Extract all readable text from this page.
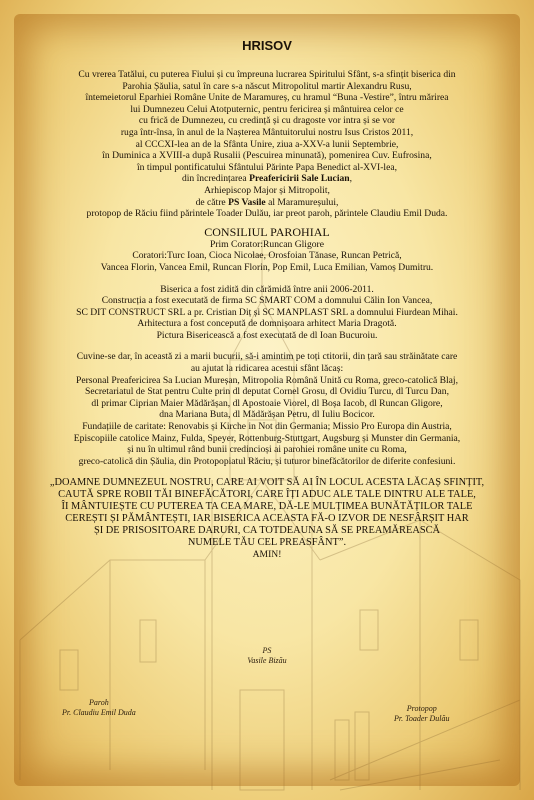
HRISOV
Cu vrerea Tatălui, cu puterea Fiului și cu împreuna lucrarea Spiritului Sfânt, s-a sfințit biserica din
Parohia Șăulia, satul în care s-a născut Mitropolitul martir Alexandru Rusu,
întemeietorul Eparhiei Române Unite de Maramureș, cu hramul “Buna -Vestire”, întru mărirea
lui Dumnezeu Celui Atotputernic, pentru fericirea și mântuirea celor ce
cu frică de Dumnezeu, cu credință și cu dragoste vor intra și se vor
ruga într-însa, în anul de la Nașterea Mântuitorului nostru Isus Cristos 2011,
al CCCXI-lea an de la Sfânta Unire, ziua a-XXV-a lunii Septembrie,
în Duminica a XVIII-a după Rusalii (Pescuirea minunată), pomenirea Cuv. Eufrosina,
în timpul pontificatului Sfântului Părinte Papa Benedict al-XVI-lea,
din încredințarea Preafericirii Sale Lucian,
Arhiepiscop Major și Mitropolit,
de către PS Vasile al Maramureșului,
protopop de Răciu fiind părintele Toader Dulău, iar preot paroh, părintele Claudiu Emil Duda.
CONSILIUL PAROHIAL
Prim Corator:Runcan Gligore
Coratori:Turc Ioan, Cioca Nicolae, Orosfoian Tănase, Runcan Petrică,
Vancea Florin, Vancea Emil, Runcan Florin, Pop Emil, Luca Emilian, Vamoș Dumitru.
Biserica a fost zidită din cărămidă între anii 2006-2011.
Construcția a fost executată de firma SC SMART COM a domnului Călin Ion Vancea,
SC DIT CONSTRUCT SRL a pr. Cristian Diț și SC MANPLAST SRL a domnului Fiurdean Mihai.
Arhitectura a fost concepută de domnișoara arhitect Maria Dragotă.
Pictura Bisericească a fost executată de dl Ioan Bucuroiu.
Cuvine-se dar, în această zi a marii bucurii, să-i amintim pe toți ctitorii, din țară sau străinătate care
au ajutat la ridicarea acestui sfânt lăcaș:
Personal Preafericirea Sa Lucian Mureșan, Mitropolia Română Unită cu Roma, greco-catolică Blaj,
Secretariatul de Stat pentru Culte prin dl deputat Cornel Grosu, dl Ovidiu Turcu, dl Turcu Dan,
dl primar Ciprian Maier Mădărășan, dl Apostoaie Viorel, dl Boșa Iacob, dl Runcan Gligore,
dna Mariana Buta, dl Mădărășan Petru, dl Iuliu Bocicor.
Fundațiile de caritate: Renovabis și Kirche in Not din Germania; Missio Pro Europa din Austria,
Episcopiile catolice Mainz, Fulda, Speyer, Rottenburg-Stuttgart, Augsburg și Munster din Germania,
și nu în ultimul rând bunii credincioși ai parohiei române unite cu Roma,
greco-catolică din Șăulia, din Protopopiatul Răciu, și tuturor binefăcătorilor de diferite confesiuni.
„DOAMNE DUMNEZEUL NOSTRU, CARE AI VOIT SĂ AI ÎN LOCUL ACESTA LĂCAȘ SFINȚIT,
CAUTĂ SPRE ROBII TĂI BINEFĂCĂTORI, CARE ÎȚI ADUC ALE TALE DINTRU ALE TALE,
ÎI MÂNTUIEȘTE CU PUTEREA TA CEA MARE, DĂ-LE MULȚIMEA BUNĂTĂȚILOR TALE
CEREȘTI ȘI PĂMÂNTEȘTI, IAR BISERICA ACEASTA FĂ-O IZVOR DE NESFÂRȘIT HAR
ȘI DE PRISOSITOARE DARURI, CA TOTDEAUNA SĂ SE PREAMĂREASCĂ
NUMELE TĂU CEL PREASFÂNT”.
AMIN!
PS
Vasile Bizău
Paroh
Pr. Claudiu Emil Duda	Protopop
Pr. Toader Dulău
